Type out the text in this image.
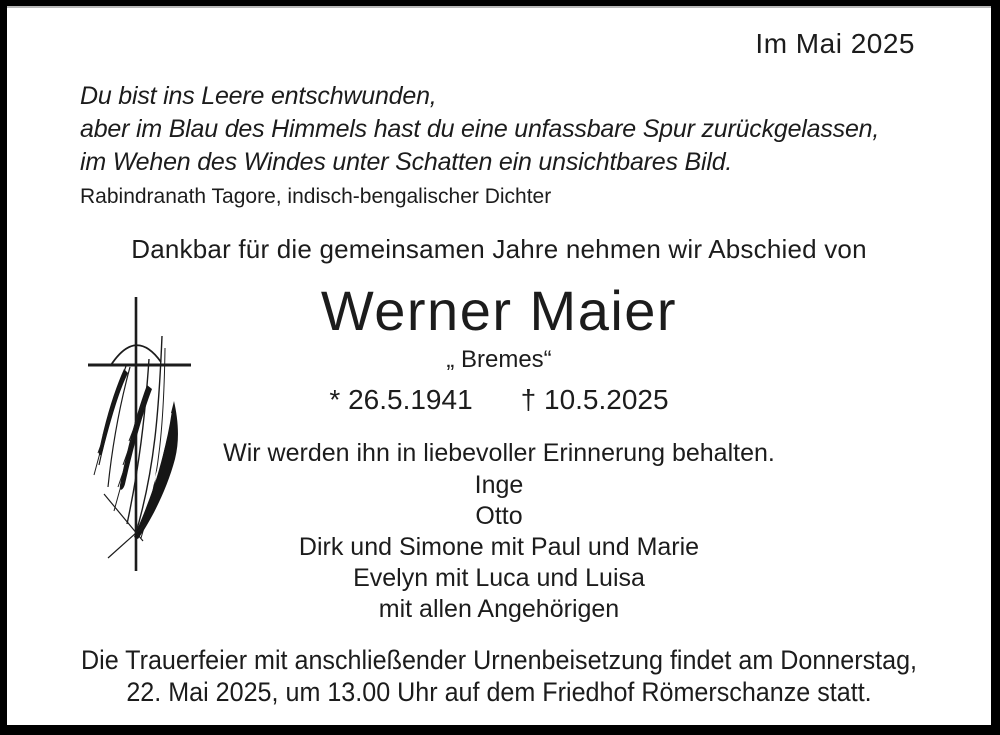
Im Mai 2025
Du bist ins Leere entschwunden,
aber im Blau des Himmels hast du eine unfassbare Spur zurückgelassen,
im Wehen des Windes unter Schatten ein unsichtbares Bild.
Rabindranath Tagore, indisch-bengalischer Dichter
Dankbar für die gemeinsamen Jahre nehmen wir Abschied von
Werner Maier
„ Bremes“
* 26.5.1941 † 10.5.2025
Wir werden ihn in liebevoller Erinnerung behalten.
Inge
Otto
Dirk und Simone mit Paul und Marie
Evelyn mit Luca und Luisa
mit allen Angehörigen
Die Trauerfeier mit anschließender Urnenbeisetzung findet am Donnerstag,
22. Mai 2025, um 13.00 Uhr auf dem Friedhof Römerschanze statt.
